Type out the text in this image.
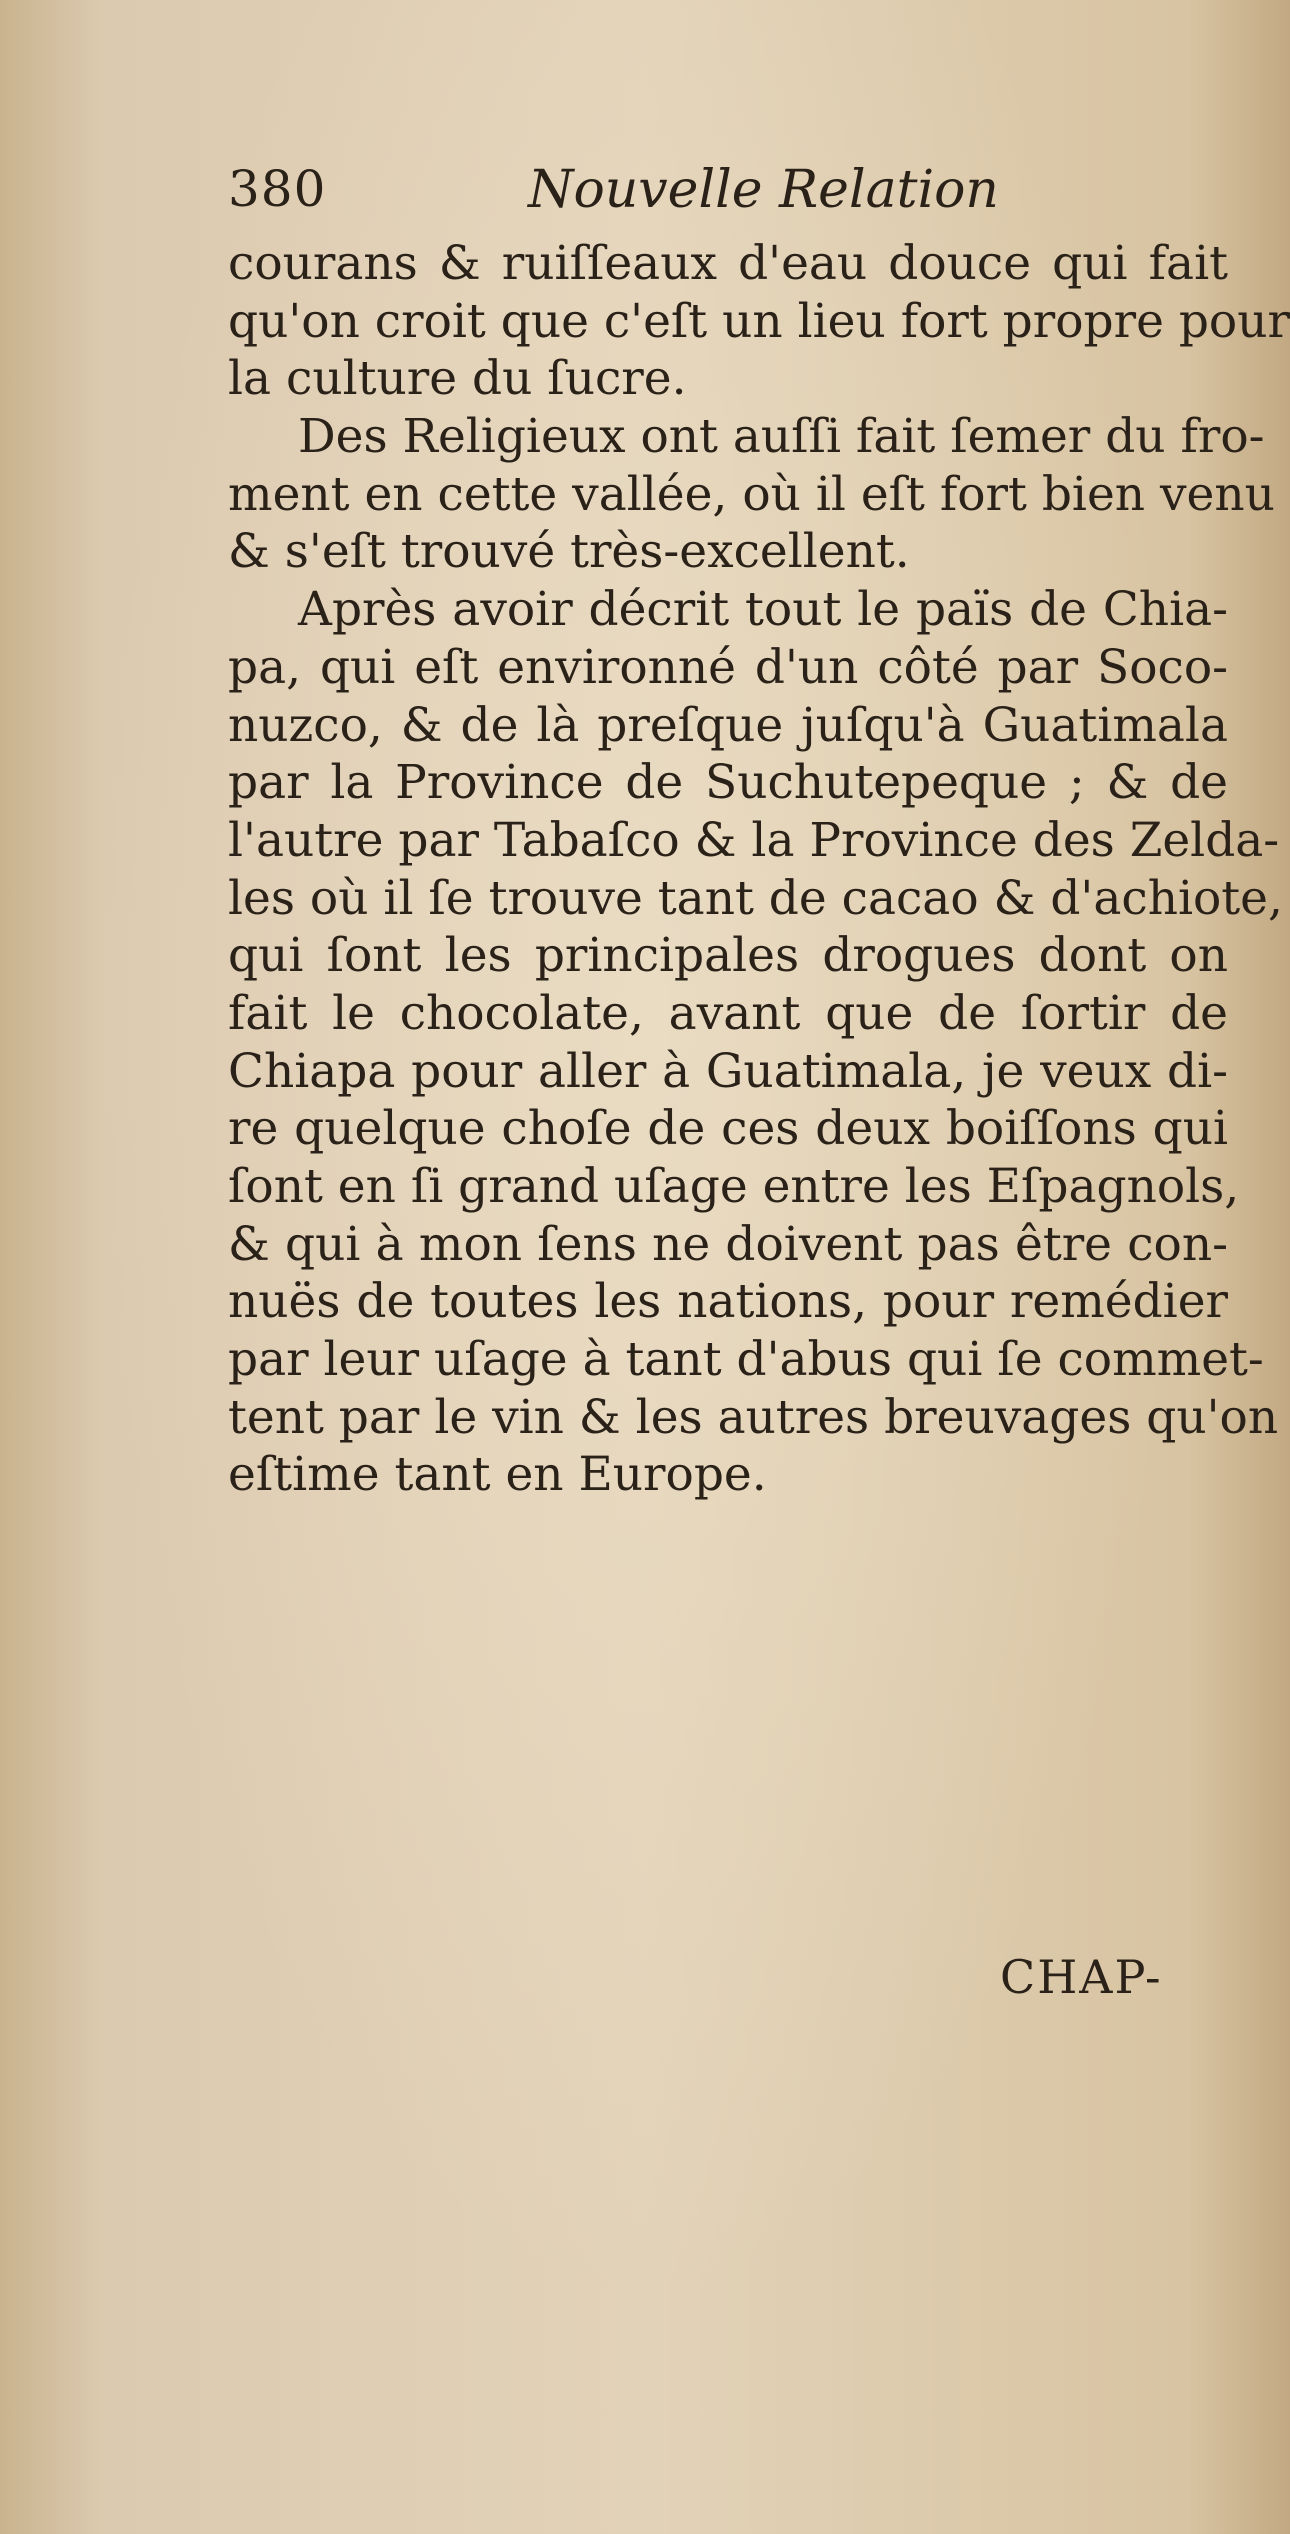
380	Nouvelle Relation
courans & ruiſſeaux d'eau douce qui fait
qu'on croit que c'eſt un lieu fort propre pour
la culture du ſucre.
Des Religieux ont auſſi fait ſemer du fro-
ment en cette vallée, où il eſt fort bien venu
& s'eſt trouvé très-excellent.
Après avoir décrit tout le païs de Chia-
pa, qui eſt environné d'un côté par Soco-
nuzco, & de là preſque juſqu'à Guatimala
par la Province de Suchutepeque ; & de
l'autre par Tabaſco & la Province des Zelda-
les où il ſe trouve tant de cacao & d'achiote,
qui ſont les principales drogues dont on
fait le chocolate, avant que de ſortir de
Chiapa pour aller à Guatimala, je veux di-
re quelque choſe de ces deux boiſſons qui
ſont en ſi grand uſage entre les Eſpagnols,
& qui à mon ſens ne doivent pas être con-
nuës de toutes les nations, pour remédier
par leur uſage à tant d'abus qui ſe commet-
tent par le vin & les autres breuvages qu'on
eſtime tant en Europe.
CHAP-
